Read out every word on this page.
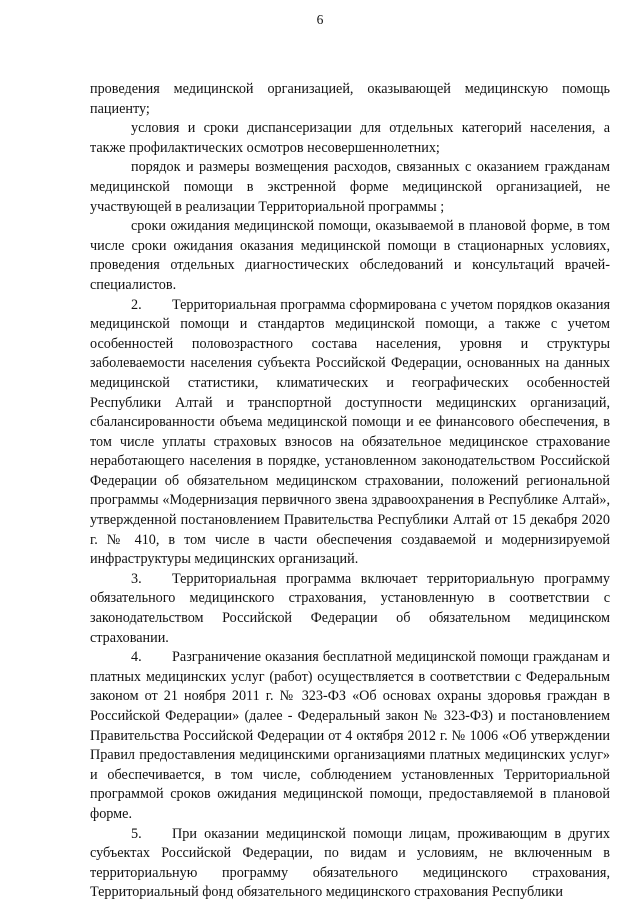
6

проведения медицинской организацией, оказывающей медицинскую помощь пациенту;

условия и сроки диспансеризации для отдельных категорий населения, а также профилактических осмотров несовершеннолетних;

порядок и размеры возмещения расходов, связанных с оказанием гражданам медицинской помощи в экстренной форме медицинской организацией, не участвующей в реализации Территориальной программы ;

сроки ожидания медицинской помощи, оказываемой в плановой форме, в том числе сроки ожидания оказания медицинской помощи в стационарных условиях, проведения отдельных диагностических обследований и консультаций врачей-специалистов.

2. Территориальная программа сформирована с учетом порядков оказания медицинской помощи и стандартов медицинской помощи, а также с учетом особенностей половозрастного состава населения, уровня и структуры заболеваемости населения субъекта Российской Федерации, основанных на данных медицинской статистики, климатических и географических особенностей Республики Алтай и транспортной доступности медицинских организаций, сбалансированности объема медицинской помощи и ее финансового обеспечения, в том числе уплаты страховых взносов на обязательное медицинское страхование неработающего населения в порядке, установленном законодательством Российской Федерации об обязательном медицинском страховании, положений региональной программы «Модернизация первичного звена здравоохранения в Республике Алтай», утвержденной постановлением Правительства Республики Алтай от 15 декабря 2020 г. № 410, в том числе в части обеспечения создаваемой и модернизируемой инфраструктуры медицинских организаций.

3. Территориальная программа включает территориальную программу обязательного медицинского страхования, установленную в соответствии с законодательством Российской Федерации об обязательном медицинском страховании.

4. Разграничение оказания бесплатной медицинской помощи гражданам и платных медицинских услуг (работ) осуществляется в соответствии с Федеральным законом от 21 ноября 2011 г. № 323-ФЗ «Об основах охраны здоровья граждан в Российской Федерации» (далее - Федеральный закон № 323-ФЗ) и постановлением Правительства Российской Федерации от 4 октября 2012 г. № 1006 «Об утверждении Правил предоставления медицинскими организациями платных медицинских услуг» и обеспечивается, в том числе, соблюдением установленных Территориальной программой сроков ожидания медицинской помощи, предоставляемой в плановой форме.

5. При оказании медицинской помощи лицам, проживающим в других субъектах Российской Федерации, по видам и условиям, не включенным в территориальную программу обязательного медицинского страхования, Территориальный фонд обязательного медицинского страхования Республики
